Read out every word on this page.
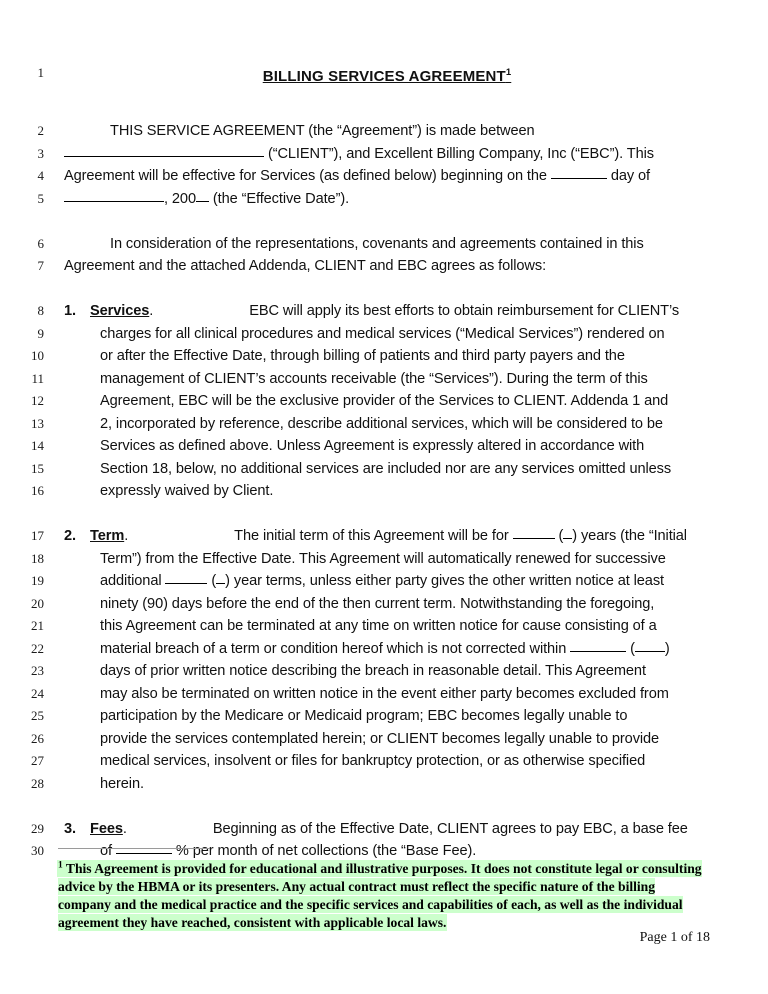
1	BILLING SERVICES AGREEMENT$^1$
2	THIS SERVICE AGREEMENT (the “Agreement”) is made between
3	(“CLIENT”), and Excellent Billing Company, Inc (“EBC”). This
4 Agreement will be effective for Services (as defined below) beginning on the	day of
5	, 200 (the “Effective Date”).
6	In consideration of the representations, covenants and agreements contained in this
7 Agreement and the attached Addenda, CLIENT and EBC agrees as follows:
8 1. Services.	EBC will apply its best efforts to obtain reimbursement for CLIENT’s
9	charges for all clinical procedures and medical services (“Medical Services”) rendered on
10	or after the Effective Date, through billing of patients and third party payers and the
11	management of CLIENT’s accounts receivable (the “Services”). During the term of this
12	Agreement, EBC will be the exclusive provider of the Services to CLIENT. Addenda 1 and
13	2, incorporated by reference, describe additional services, which will be considered to be
14	Services as defined above. Unless Agreement is expressly altered in accordance with
15	Section 18, below, no additional services are included nor are any services omitted unless
16	expressly waived by Client.
17 2. Term.	The initial term of this Agreement will be for	( ) years (the “Initial
18	Term”) from the Effective Date. This Agreement will automatically renewed for successive
19	additional	( ) year terms, unless either party gives the other written notice at least
20	ninety (90) days before the end of the then current term. Notwithstanding the foregoing,
21	this Agreement can be terminated at any time on written notice for cause consisting of a
22	material breach of a term or condition hereof which is not corrected within	( )
23	days of prior written notice describing the breach in reasonable detail. This Agreement
24	may also be terminated on written notice in the event either party becomes excluded from
25	participation by the Medicare or Medicaid program; EBC becomes legally unable to
26	provide the services contemplated herein; or CLIENT becomes legally unable to provide
27	medical services, insolvent or files for bankruptcy protection, or as otherwise specified
28	herein.
29 3. Fees.	Beginning as of the Effective Date, CLIENT agrees to pay EBC, a base fee
30	of	% per month of net collections (the “Base Fee).
$^1$ This Agreement is provided for educational and illustrative purposes. It does not constitute legal or consulting advice by the HBMA or its presenters. Any actual contract must reflect the specific nature of the billing company and the medical practice and the specific services and capabilities of each, as well as the individual agreement they have reached, consistent with applicable local laws.
Page 1 of 18
